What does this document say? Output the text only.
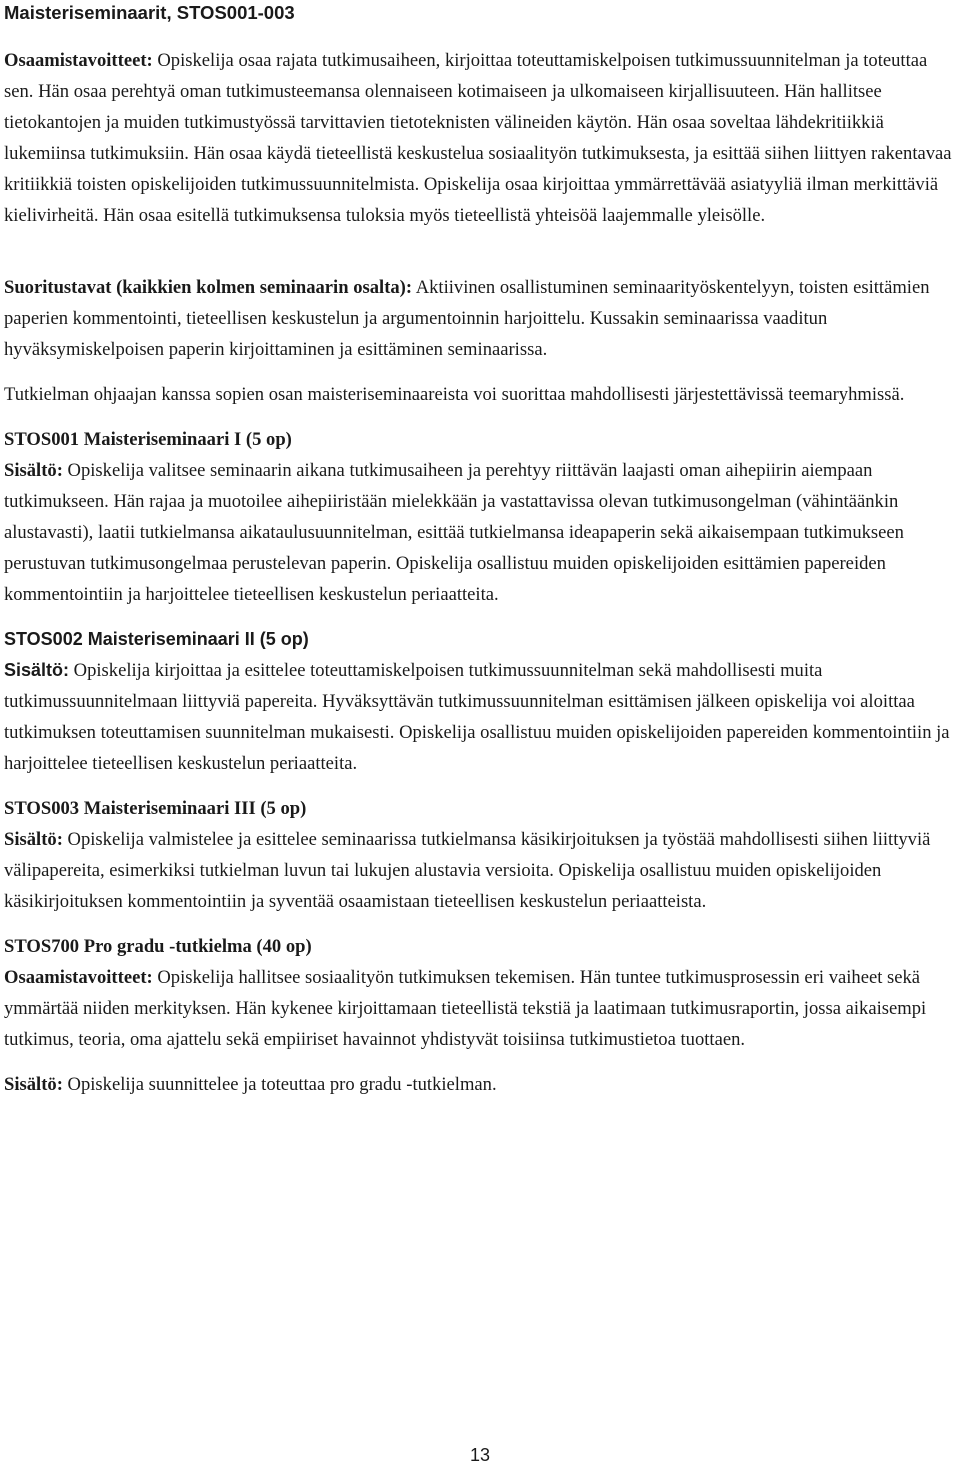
Maisteriseminaarit, STOS001-003

Osaamistavoitteet: Opiskelija osaa rajata tutkimusaiheen, kirjoittaa toteuttamiskelpoisen tutkimussuunnitelman ja toteuttaa sen. Hän osaa perehtyä oman tutkimusteemansa olennaiseen kotimaiseen ja ulkomaiseen kirjallisuuteen. Hän hallitsee tietokantojen ja muiden tutkimustyössä tarvittavien tietoteknisten välineiden käytön. Hän osaa soveltaa lähdekritiikkiä lukemiinsa tutkimuksiin. Hän osaa käydä tieteellistä keskustelua sosiaalityön tutkimuksesta, ja esittää siihen liittyen rakentavaa kritiikkiä toisten opiskelijoiden tutkimussuunnitelmista. Opiskelija osaa kirjoittaa ymmärrettävää asiatyyliä ilman merkittäviä kielivirheitä. Hän osaa esitellä tutkimuksensa tuloksia myös tieteellistä yhteisöä laajemmalle yleisölle.

Suoritustavat (kaikkien kolmen seminaarin osalta): Aktiivinen osallistuminen seminaarityöskentelyyn, toisten esittämien paperien kommentointi, tieteellisen keskustelun ja argumentoinnin harjoittelu. Kussakin seminaarissa vaaditun hyväksymiskelpoisen paperin kirjoittaminen ja esittäminen seminaarissa.

Tutkielman ohjaajan kanssa sopien osan maisteriseminaareista voi suorittaa mahdollisesti järjestettävissä teemaryhmissä.

STOS001 Maisteriseminaari I (5 op)

Sisältö: Opiskelija valitsee seminaarin aikana tutkimusaiheen ja perehtyy riittävän laajasti oman aihepiirin aiempaan tutkimukseen. Hän rajaa ja muotoilee aihepiiristään mielekkään ja vastattavissa olevan tutkimusongelman (vähintäänkin alustavasti), laatii tutkielmansa aikataulusuunnitelman, esittää tutkielmansa ideapaperin sekä aikaisempaan tutkimukseen perustuvan tutkimusongelmaa perustelevan paperin. Opiskelija osallistuu muiden opiskelijoiden esittämien papereiden kommentointiin ja harjoittelee tieteellisen keskustelun periaatteita.

STOS002 Maisteriseminaari II (5 op)

Sisältö: Opiskelija kirjoittaa ja esittelee toteuttamiskelpoisen tutkimussuunnitelman sekä mahdollisesti muita tutkimussuunnitelmaan liittyviä papereita. Hyväksyttävän tutkimussuunnitelman esittämisen jälkeen opiskelija voi aloittaa tutkimuksen toteuttamisen suunnitelman mukaisesti. Opiskelija osallistuu muiden opiskelijoiden papereiden kommentointiin ja harjoittelee tieteellisen keskustelun periaatteita.

STOS003 Maisteriseminaari III (5 op)

Sisältö: Opiskelija valmistelee ja esittelee seminaarissa tutkielmansa käsikirjoituksen ja työstää mahdollisesti siihen liittyviä välipapereita, esimerkiksi tutkielman luvun tai lukujen alustavia versioita. Opiskelija osallistuu muiden opiskelijoiden käsikirjoituksen kommentointiin ja syventää osaamistaan tieteellisen keskustelun periaatteista.

STOS700 Pro gradu -tutkielma (40 op)

Osaamistavoitteet: Opiskelija hallitsee sosiaalityön tutkimuksen tekemisen. Hän tuntee tutkimusprosessin eri vaiheet sekä ymmärtää niiden merkityksen. Hän kykenee kirjoittamaan tieteellistä tekstiä ja laatimaan tutkimusraportin, jossa aikaisempi tutkimus, teoria, oma ajattelu sekä empiiriset havainnot yhdistyvät toisiinsa tutkimustietoa tuottaen.

Sisältö: Opiskelija suunnittelee ja toteuttaa pro gradu -tutkielman.

13
